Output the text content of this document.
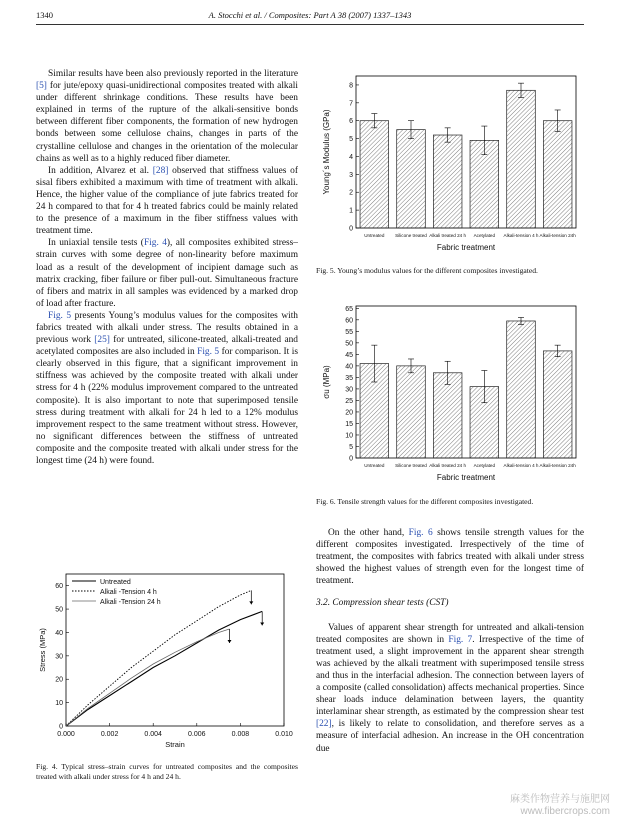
1340	A. Stocchi et al. / Composites: Part A 38 (2007) 1337–1343

Similar results have been also previously reported in the literature [5] for jute/epoxy quasi-unidirectional composites treated with alkali under different shrinkage conditions. These results have been explained in terms of the rupture of the alkali-sensitive bonds between different fiber components, the formation of new hydrogen bonds between some cellulose chains, changes in parts of the crystalline cellulose and changes in the orientation of the molecular chains as well as to a highly reduced fiber diameter.

In addition, Alvarez et al. [28] observed that stiffness values of sisal fibers exhibited a maximum with time of treatment with alkali. Hence, the higher value of the compliance of jute fabrics treated for 24 h compared to that for 4 h treated fabrics could be mainly related to the presence of a maximum in the fiber stiffness values with treatment time.

In uniaxial tensile tests (Fig. 4), all composites exhibited stress–strain curves with some degree of non-linearity before maximum load as a result of the development of incipient damage such as matrix cracking, fiber failure or fiber pull-out. Simultaneous fracture of fibers and matrix in all samples was evidenced by a marked drop of load after fracture.

Fig. 5 presents Young’s modulus values for the composites with fabrics treated with alkali under stress. The results obtained in a previous work [25] for untreated, silicone-treated, alkali-treated and acetylated composites are also included in Fig. 5 for comparison. It is clearly observed in this figure, that a significant improvement in stiffness was achieved by the composite treated with alkali under stress for 4 h (22% modulus improvement compared to the untreated composite). It is also important to note that superimposed tensile stress during treatment with alkali for 24 h led to a 12% modulus improvement respect to the same treatment without stress. However, no significant differences between the stiffness of untreated composite and the composite treated with alkali under stress for the longest time (24 h) were found.

On the other hand, Fig. 6 shows tensile strength values for the different composites investigated. Irrespectively of the time of treatment, the composites with fabrics treated with alkali under stress showed the highest values of strength even for the longest time of treatment.

3.2. Compression shear tests (CST)

Values of apparent shear strength for untreated and alkali-tension treated composites are shown in Fig. 7. Irrespective of the time of treatment used, a slight improvement in the apparent shear strength was achieved by the alkali treatment with superimposed tensile stress and thus in the interfacial adhesion. The connection between layers of a composite (called consolidation) affects mechanical properties. Since shear loads induce delamination between layers, the quantity interlaminar shear strength, as estimated by the compression shear test [22], is likely to relate to consolidation, and therefore serves as a measure of interfacial adhesion. An increase in the OH concentration due

0
1
2
3
4
5
6
7
8
Untreated Silicone treated Alkali treated 24 h Acetylated Alkali-tension 4 h Alkali-tension 24h
Fabric treatment
Young´s Modulus (GPa)
Fig. 5. Young’s modulus values for the different composites investigated.
0
5
10
15
20
25
30
35
40
45
50
55
60
65
Untreated Silicone treated Alkali treated 24 h Acetylated Alkali-tension 4 h Alkali-tension 24h
Fabric treatment
σu (MPa)
Fig. 6. Tensile strength values for the different composites investigated.
0
10
20
30
40
50
60
0.000	0.002	0.004	0.006	0.008	0.010
Strain
Stress (MPa)
Untreated
Alkali -Tension 4 h
Alkali -Tension 24 h
Fig. 4. Typical stress–strain curves for untreated composites and the composites treated with alkali under stress for 4 h and 24 h.
麻类作物营养与施肥网
www.fibercrops.com
